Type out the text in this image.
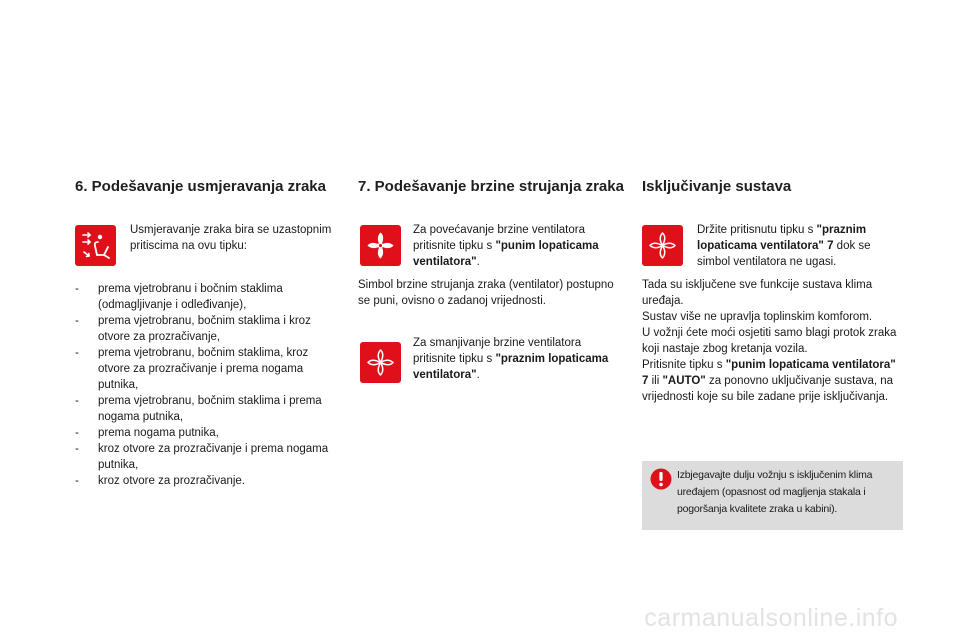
6. Podešavanje usmjeravanja zraka

Usmjeravanje zraka bira se uzastopnim pritiscima na ovu tipku:

- prema vjetrobranu i bočnim staklima (odmagljivanje i odleđivanje),
- prema vjetrobranu, bočnim staklima i kroz otvore za prozračivanje,
- prema vjetrobranu, bočnim staklima, kroz otvore za prozračivanje i prema nogama putnika,
- prema vjetrobranu, bočnim staklima i prema nogama putnika,
- prema nogama putnika,
- kroz otvore za prozračivanje i prema nogama putnika,
- kroz otvore za prozračivanje.
7. Podešavanje brzine strujanja zraka

Za povećavanje brzine ventilatora pritisnite tipku s "punim lopaticama ventilatora".

Simbol brzine strujanja zraka (ventilator) postupno se puni, ovisno o zadanoj vrijednosti.

Za smanjivanje brzine ventilatora pritisnite tipku s "praznim lopaticama ventilatora".

Isključivanje sustava

Držite pritisnutu tipku s "praznim lopaticama ventilatora" 7 dok se simbol ventilatora ne ugasi.

Tada su isključene sve funkcije sustava klima uređaja.
Sustav više ne upravlja toplinskim komforom.
U vožnji ćete moći osjetiti samo blagi protok zraka koji nastaje zbog kretanja vozila.
Pritisnite tipku s "punim lopaticama ventilatora" 7 ili "AUTO" za ponovno uključivanje sustava, na vrijednosti koje su bile zadane prije isključivanja.

Izbjegavajte dulju vožnju s isključenim klima uređajem (opasnost od magljenja stakala i pogoršanja kvalitete zraka u kabini).
carmanualsonline.info
